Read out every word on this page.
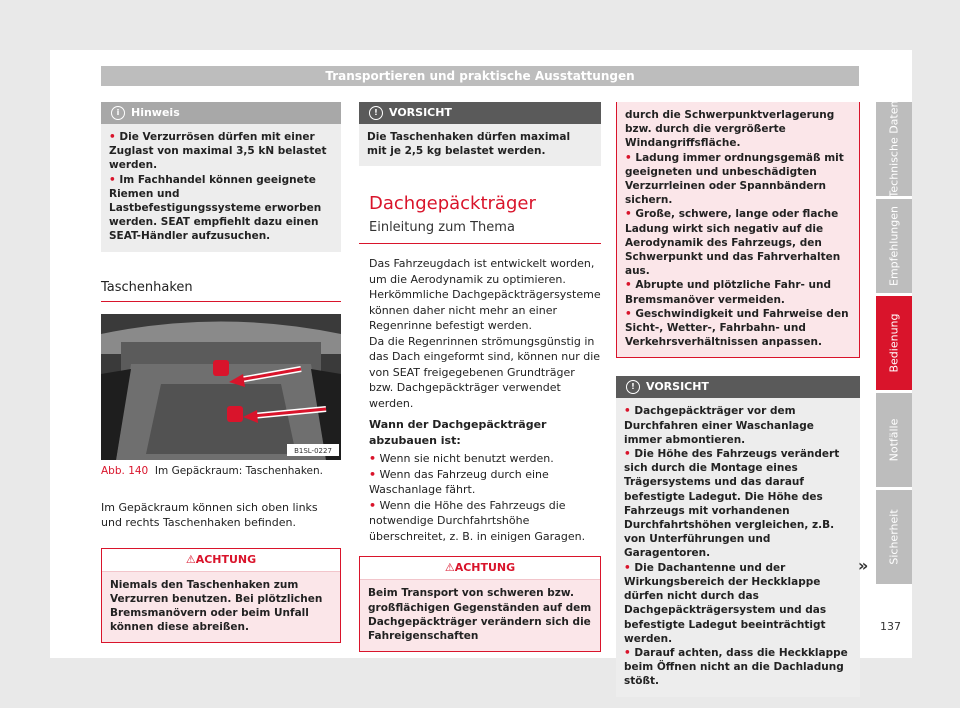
Transportieren und praktische Ausstattungen
i Hinweis

• Die Verzurrösen dürfen mit einer Zuglast von maximal 3,5 kN belastet werden.

• Im Fachhandel können geeignete Riemen und Lastbefestigungssysteme erworben werden. SEAT empfiehlt dazu einen SEAT-Händler aufzusuchen.

Taschenhaken
B1SL-0227
Abb. 140 Im Gepäckraum: Taschenhaken.

Im Gepäckraum können sich oben links und rechts Taschenhaken befinden.

⚠ACHTUNG
Niemals den Taschenhaken zum Verzurren benutzen. Bei plötzlichen Bremsmanövern oder beim Unfall können diese abreißen.
! VORSICHT
Die Taschenhaken dürfen maximal mit je 2,5 kg belastet werden.
Dachgepäckträger
Einleitung zum Thema

Das Fahrzeugdach ist entwickelt worden, um die Aerodynamik zu optimieren. Herkömmliche Dachgepäckträgersysteme können daher nicht mehr an einer Regenrinne befestigt werden.

Da die Regenrinnen strömungsgünstig in das Dach eingeformt sind, können nur die von SEAT freigegebenen Grundträger bzw. Dachgepäckträger verwendet werden.

Wann der Dachgepäckträger abzubauen ist:

• Wenn sie nicht benutzt werden.

• Wenn das Fahrzeug durch eine Waschanlage fährt.

• Wenn die Höhe des Fahrzeugs die notwendige Durchfahrtshöhe überschreitet, z. B. in einigen Garagen.

⚠ACHTUNG
Beim Transport von schweren bzw. großflächigen Gegenständen auf dem Dachgepäckträger verändern sich die Fahreigenschaften

durch die Schwerpunktverlagerung bzw. durch die vergrößerte Windangriffsfläche.

• Ladung immer ordnungsgemäß mit geeigneten und unbeschädigten Verzurrleinen oder Spannbändern sichern.

• Große, schwere, lange oder flache Ladung wirkt sich negativ auf die Aerodynamik des Fahrzeugs, den Schwerpunkt und das Fahrverhalten aus.

• Abrupte und plötzliche Fahr- und Bremsmanöver vermeiden.

• Geschwindigkeit und Fahrweise den Sicht-, Wetter-, Fahrbahn- und Verkehrsverhältnissen anpassen.

! VORSICHT

• Dachgepäckträger vor dem Durchfahren einer Waschanlage immer abmontieren.

• Die Höhe des Fahrzeugs verändert sich durch die Montage eines Trägersystems und das darauf befestigte Ladegut. Die Höhe des Fahrzeugs mit vorhandenen Durchfahrtshöhen vergleichen, z.B. von Unterführungen und Garagentoren.

• Die Dachantenne und der Wirkungsbereich der Heckklappe dürfen nicht durch das Dachgepäckträgersystem und das befestigte Ladegut beeinträchtigt werden.

• Darauf achten, dass die Heckklappe beim Öffnen nicht an die Dachladung stößt.

»
Technische Daten
Empfehlungen
Bedienung
Notfälle
Sicherheit
137
